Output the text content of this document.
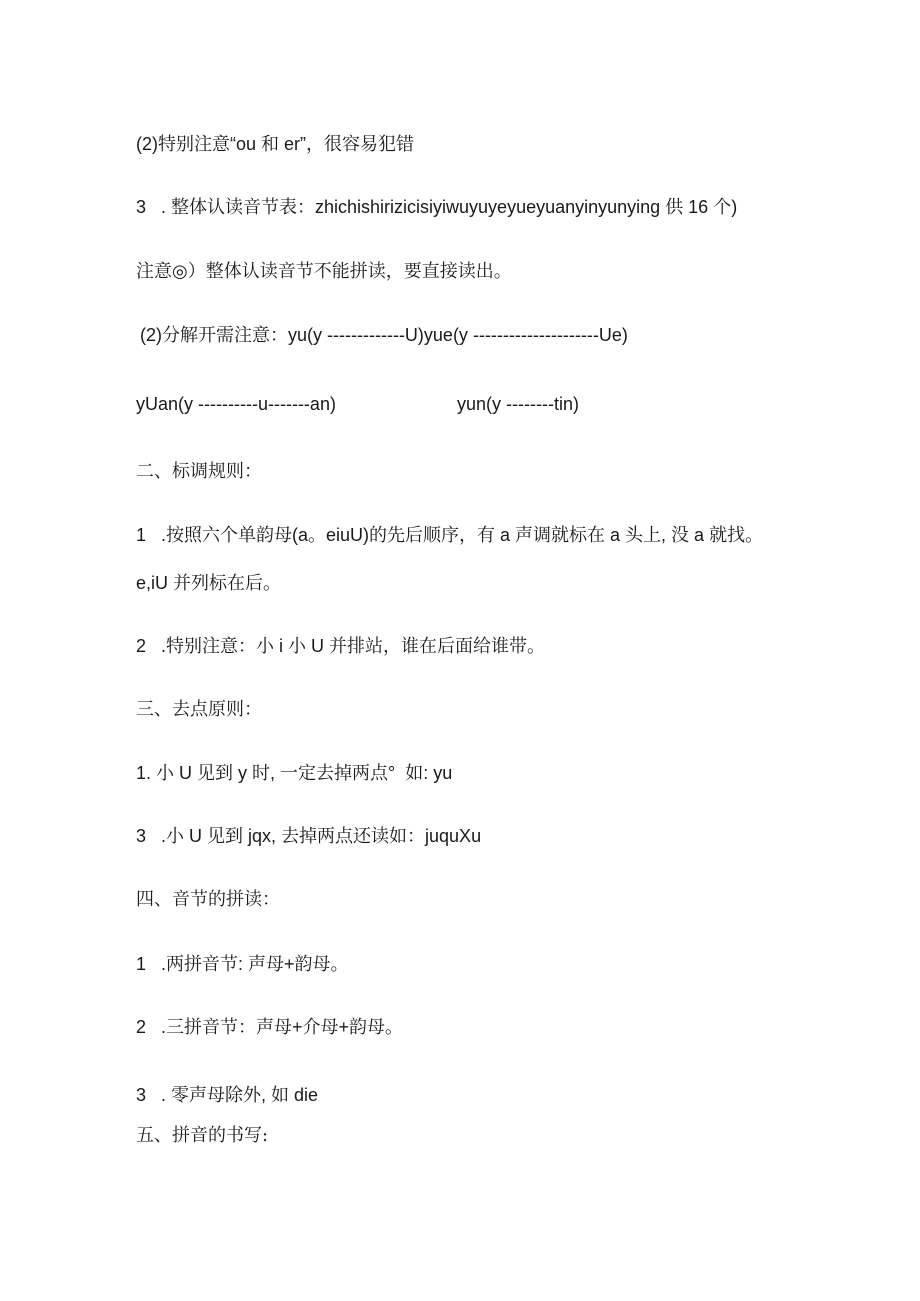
(2)特别注意“ou 和 er”，很容易犯错
3   . 整体认读音节表：zhichishirizicisiyiwuyuyeyueyuanyinyunying 供 16 个)
注意◎）整体认读音节不能拼读，要直接读出。
(2)分解开需注意：yu(y -------------U)yue(y ---------------------Ue)
yUan(y ----------u-------an)	yun(y --------tin)
二、标调规则：
1   .按照六个单韵母(a。eiuU)的先后顺序，有 a 声调就标在 a 头上, 没 a 就找。
e,iU 并列标在后。
2   .特别注意：小 i 小 U 并排站，谁在后面给谁带。
三、去点原则：
1. 小 U 见到 y 时, 一定去掉两点°  如: yu
3   .小 U 见到 jqx, 去掉两点还读如：juquXu
四、音节的拼读：
1   .两拼音节: 声母+韵母。
2   .三拼音节：声母+介母+韵母。
3   . 零声母除外, 如 die
五、拼音的书写:
